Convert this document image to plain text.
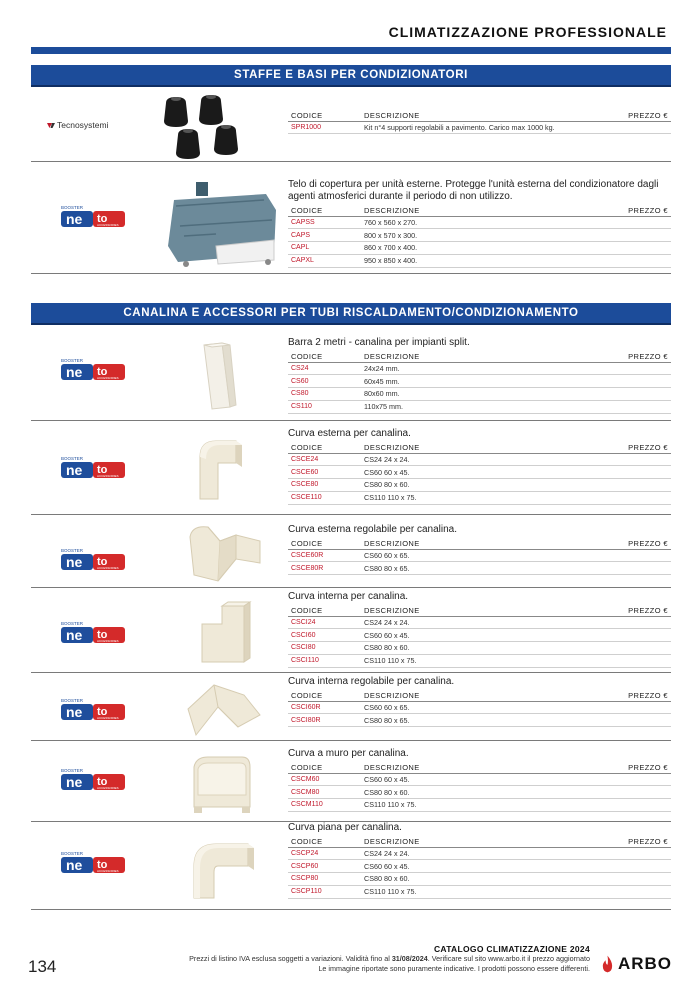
CLIMATIZZAZIONE PROFESSIONALE
STAFFE E BASI PER CONDIZIONATORI
Tecnosystemi
CODICE	DESCRIZIONE	PREZZO €
SPR1000	Kit n°4 supporti regolabili a pavimento. Carico max 1000 kg.	
BOOSTER
ne to
ACCESSORIES
Telo di copertura per unità esterne. Protegge l'unità esterna del condizionatore dagli agenti atmosferici durante il periodo di non utilizzo.
CODICE	DESCRIZIONE	PREZZO €
CAPSS	760 x 560 x 270.	
CAPS	800 x 570 x 300.	
CAPL	860 x 700 x 400.	
CAPXL	950 x 850 x 400.	
CANALINA E ACCESSORI PER TUBI RISCALDAMENTO/CONDIZIONAMENTO
BOOSTER
ne to
ACCESSORIES
Barra 2 metri - canalina per impianti split.
CODICE	DESCRIZIONE	PREZZO €
CS24	24x24 mm.	
CS60	60x45 mm.	
CS80	80x60 mm.	
CS110	110x75 mm.	
BOOSTER
ne to
ACCESSORIES
Curva esterna per canalina.
CODICE	DESCRIZIONE	PREZZO €
CSCE24	CS24 24 x 24.	
CSCE60	CS60 60 x 45.	
CSCE80	CS80 80 x 60.	
CSCE110	CS110 110 x 75.	
BOOSTER
ne to
ACCESSORIES
Curva esterna regolabile per canalina.
CODICE	DESCRIZIONE	PREZZO €
CSCE60R	CS60 60 x 65.	
CSCE80R	CS80 80 x 65.	
BOOSTER
ne to
ACCESSORIES
Curva interna per canalina.
CODICE	DESCRIZIONE	PREZZO €
CSCI24	CS24 24 x 24.	
CSCI60	CS60 60 x 45.	
CSCI80	CS80 80 x 60.	
CSCI110	CS110 110 x 75.	
BOOSTER
ne to
ACCESSORIES
Curva interna regolabile per canalina.
CODICE	DESCRIZIONE	PREZZO €
CSCI60R	CS60 60 x 65.	
CSCI80R	CS80 80 x 65.	
BOOSTER
ne to
ACCESSORIES
Curva a muro per canalina.
CODICE	DESCRIZIONE	PREZZO €
CSCM60	CS60 60 x 45.	
CSCM80	CS80 80 x 60.	
CSCM110	CS110 110 x 75.	
BOOSTER
ne to
ACCESSORIES
Curva piana per canalina.
CODICE	DESCRIZIONE	PREZZO €
CSCP24	CS24 24 x 24.	
CSCP60	CS60 60 x 45.	
CSCP80	CS80 80 x 60.	
CSCP110	CS110 110 x 75.	
134
CATALOGO CLIMATIZZAZIONE 2024
Prezzi di listino IVA esclusa soggetti a variazioni. Validità fino al 31/08/2024. Verificare sul sito www.arbo.it il prezzo aggiornato
Le immagine riportate sono puramente indicative. I prodotti possono essere differenti. ARBO
